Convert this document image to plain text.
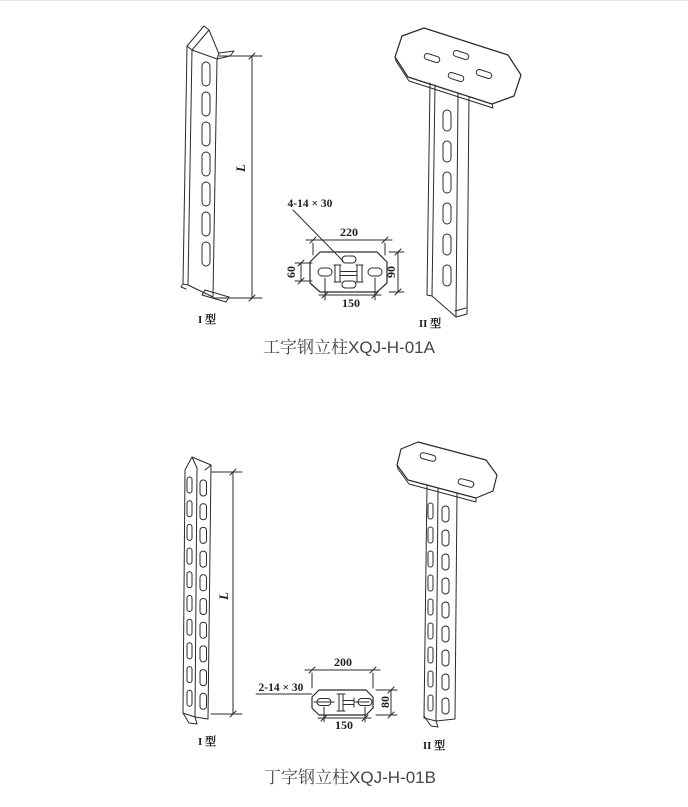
I 型
L
220
150
60	90
4-14 × 30
II 型
工字钢立柱XQJ-H-01A
I 型
L
200
80
150
2-14 × 30
II 型
丁字钢立柱XQJ-H-01B
